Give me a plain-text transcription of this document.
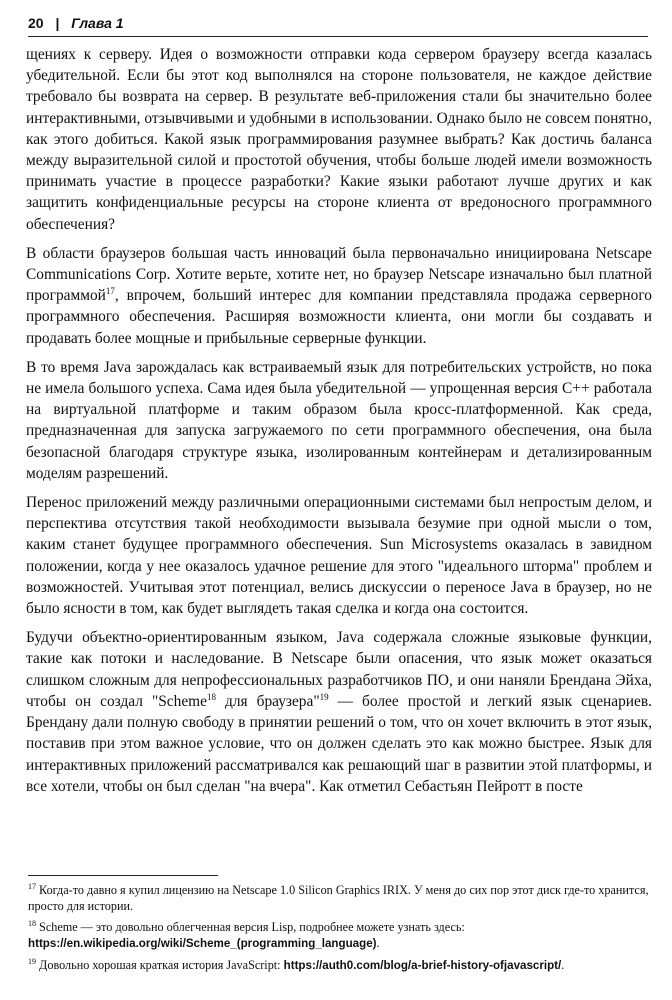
20 | Глава 1

щениях к серверу. Идея о возможности отправки кода сервером браузеру всегда казалась убедительной. Если бы этот код выполнялся на стороне пользователя, не каждое действие требовало бы возврата на сервер. В результате веб-приложения стали бы значительно более интерактивными, отзывчивыми и удобными в использовании. Однако было не совсем понятно, как этого добиться. Какой язык программирования разумнее выбрать? Как достичь баланса между выразительной силой и простотой обучения, чтобы больше людей имели возможность принимать участие в процессе разработки? Какие языки работают лучше других и как защитить конфиденциальные ресурсы на стороне клиента от вредоносного программного обеспечения?

В области браузеров большая часть инноваций была первоначально инициирована Netscape Communications Corp. Хотите верьте, хотите нет, но браузер Netscape изначально был платной программой$^{17}$, впрочем, больший интерес для компании представляла продажа серверного программного обеспечения. Расширяя возможности клиента, они могли бы создавать и продавать более мощные и прибыльные серверные функции.

В то время Java зарождалась как встраиваемый язык для потребительских устройств, но пока не имела большого успеха. Сама идея была убедительной — упрощенная версия С++ работала на виртуальной платформе и таким образом была кросс-платформенной. Как среда, предназначенная для запуска загружаемого по сети программного обеспечения, она была безопасной благодаря структуре языка, изолированным контейнерам и детализированным моделям разрешений.

Перенос приложений между различными операционными системами был непростым делом, и перспектива отсутствия такой необходимости вызывала безумие при одной мысли о том, каким станет будущее программного обеспечения. Sun Microsystems оказалась в завидном положении, когда у нее оказалось удачное решение для этого "идеального шторма" проблем и возможностей. Учитывая этот потенциал, велись дискуссии о переносе Java в браузер, но не было ясности в том, как будет выглядеть такая сделка и когда она состоится.

Будучи объектно-ориентированным языком, Java содержала сложные языковые функции, такие как потоки и наследование. В Netscape были опасения, что язык может оказаться слишком сложным для непрофессиональных разработчиков ПО, и они наняли Брендана Эйха, чтобы он создал "Scheme$^{18}$ для браузера"$^{19}$ — более простой и легкий язык сценариев. Брендану дали полную свободу в принятии решений о том, что он хочет включить в этот язык, поставив при этом важное условие, что он должен сделать это как можно быстрее. Язык для интерактивных приложений рассматривался как решающий шаг в развитии этой платформы, и все хотели, чтобы он был сделан "на вчера". Как отметил Себастьян Пейротт в посте

$^{17}$ Когда-то давно я купил лицензию на Netscape 1.0 Silicon Graphics IRIX. У меня до сих пор этот диск где-то хранится, просто для истории.
$^{18}$ Scheme — это довольно облегченная версия Lisp, подробнее можете узнать здесь:
https://en.wikipedia.org/wiki/Scheme_(programming_language).
$^{19}$ Довольно хорошая краткая история JavaScript: https://auth0.com/blog/a-brief-history-ofjavascript/.
